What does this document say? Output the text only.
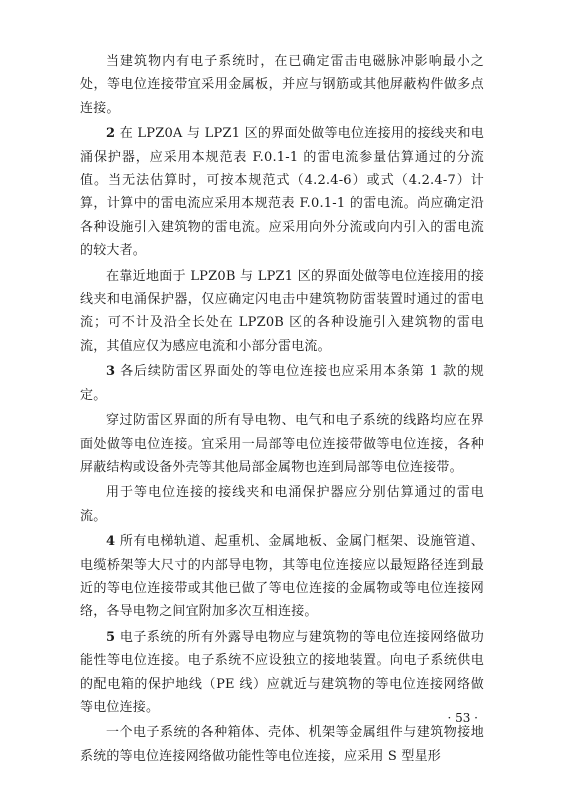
当建筑物内有电子系统时，在已确定雷击电磁脉冲影响最小之处，等电位连接带宜采用金属板，并应与钢筋或其他屏蔽构件做多点连接。

2 在 LPZ0A 与 LPZ1 区的界面处做等电位连接用的接线夹和电涌保护器，应采用本规范表 F.0.1-1 的雷电流参量估算通过的分流值。当无法估算时，可按本规范式（4.2.4-6）或式（4.2.4-7）计算，计算中的雷电流应采用本规范表 F.0.1-1 的雷电流。尚应确定沿各种设施引入建筑物的雷电流。应采用向外分流或向内引入的雷电流的较大者。

在靠近地面于 LPZ0B 与 LPZ1 区的界面处做等电位连接用的接线夹和电涌保护器，仅应确定闪电击中建筑物防雷装置时通过的雷电流；可不计及沿全长处在 LPZ0B 区的各种设施引入建筑物的雷电流，其值应仅为感应电流和小部分雷电流。

3 各后续防雷区界面处的等电位连接也应采用本条第 1 款的规定。

穿过防雷区界面的所有导电物、电气和电子系统的线路均应在界面处做等电位连接。宜采用一局部等电位连接带做等电位连接，各种屏蔽结构或设备外壳等其他局部金属物也连到局部等电位连接带。

用于等电位连接的接线夹和电涌保护器应分别估算通过的雷电流。

4 所有电梯轨道、起重机、金属地板、金属门框架、设施管道、电缆桥架等大尺寸的内部导电物，其等电位连接应以最短路径连到最近的等电位连接带或其他已做了等电位连接的金属物或等电位连接网络，各导电物之间宜附加多次互相连接。

5 电子系统的所有外露导电物应与建筑物的等电位连接网络做功能性等电位连接。电子系统不应设独立的接地装置。向电子系统供电的配电箱的保护地线（PE 线）应就近与建筑物的等电位连接网络做等电位连接。

一个电子系统的各种箱体、壳体、机架等金属组件与建筑物接地系统的等电位连接网络做功能性等电位连接，应采用 S 型星形

· 53 ·
